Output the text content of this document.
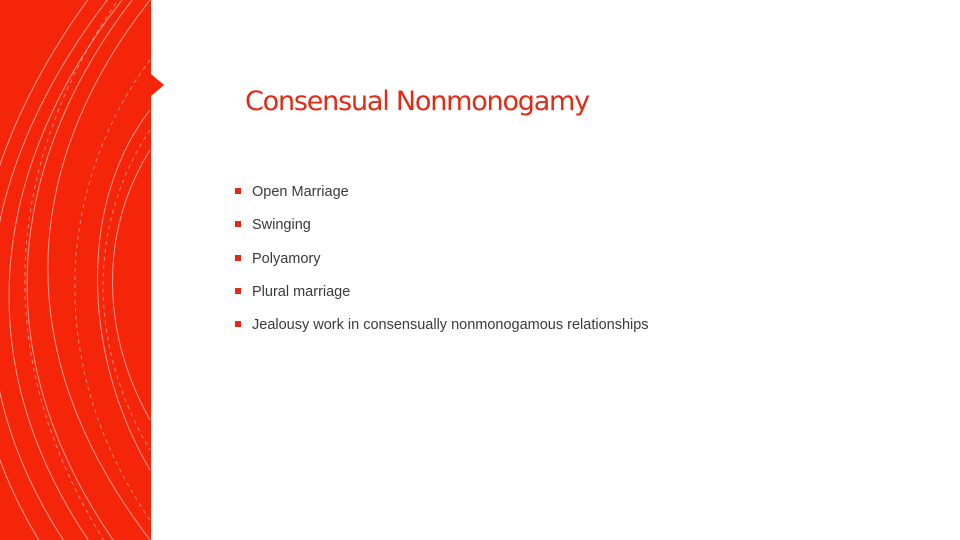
Consensual Nonmonogamy
Open Marriage
Swinging
Polyamory
Plural marriage
Jealousy work in consensually nonmonogamous relationships
